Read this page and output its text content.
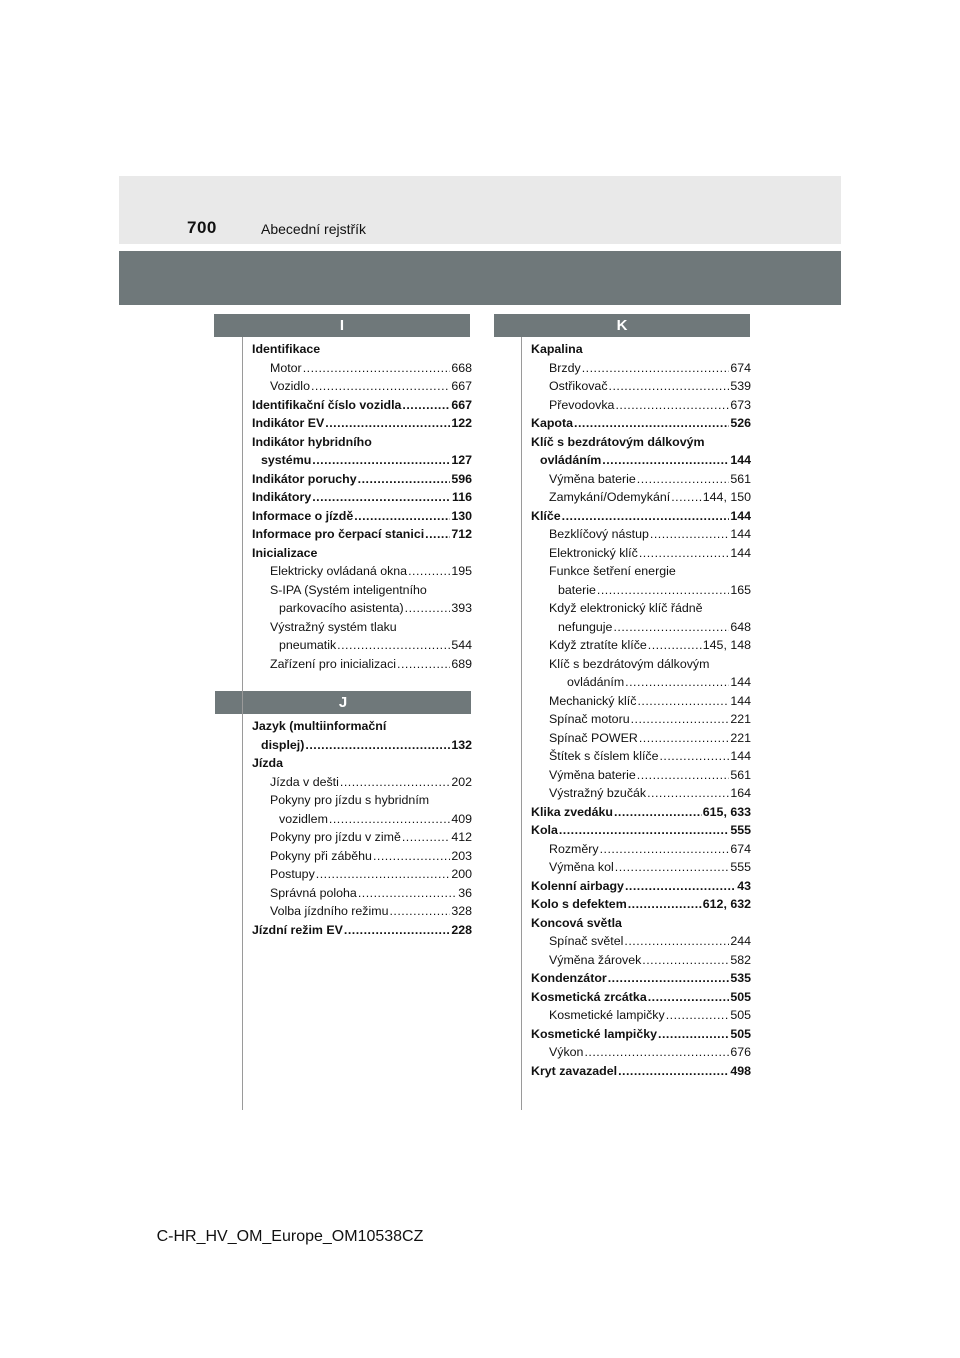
700	Abecední rejstřík
I
J
K
Identifikace
Motor .....	668
Vozidlo .....	667
Identifikační číslo vozidla .....	667
Indikátor EV .....	122
Indikátor hybridního
systému .....	127
Indikátor poruchy .....	596
Indikátory .....	116
Informace o jízdě .....	130
Informace pro čerpací stanici ..... 712
Inicializace
Elektricky ovládaná okna .....	195
S-IPA (Systém inteligentního
parkovacího asistenta) .....	393
Výstražný systém tlaku
pneumatik .....	544
Zařízení pro inicializaci .....	689
Jazyk (multiinformační
displej) .....	132
Jízda
Jízda v dešti .....	202
Pokyny pro jízdu s hybridním
vozidlem .....	409
Pokyny pro jízdu v zimě .....	412
Pokyny při záběhu .....	203
Postupy .....	200
Správná poloha .....	36
Volba jízdního režimu .....	328
Jízdní režim EV .....	228
Kapalina
Brzdy .....	674
Ostřikovač .....	539
Převodovka .....	673
Kapota .....	526
Klíč s bezdrátovým dálkovým
ovládáním .....	144
Výměna baterie .....	561
Zamykání/Odemykání .....	144, 150
Klíče .....	144
Bezklíčový nástup .....	144
Elektronický klíč .....	144
Funkce šetření energie
baterie .....	165
Když elektronický klíč řádně
nefunguje .....	648
Když ztratíte klíče .....	145, 148
Klíč s bezdrátovým dálkovým
ovládáním .....	144
Mechanický klíč .....	144
Spínač motoru .....	221
Spínač POWER .....	221
Štítek s číslem klíče .....	144
Výměna baterie .....	561
Výstražný bzučák .....	164
Klika zvedáku .....	615, 633
Kola .....	555
Rozměry .....	674
Výměna kol .....	555
Kolenní airbagy .....	43
Kolo s defektem .....	612, 632
Koncová světla
Spínač světel .....	244
Výměna žárovek .....	582
Kondenzátor .....	535
Kosmetická zrcátka .....	505
Kosmetické lampičky .....	505
Kosmetické lampičky .....	505
Výkon .....	676
Kryt zavazadel .....	498
C-HR_HV_OM_Europe_OM10538CZ
